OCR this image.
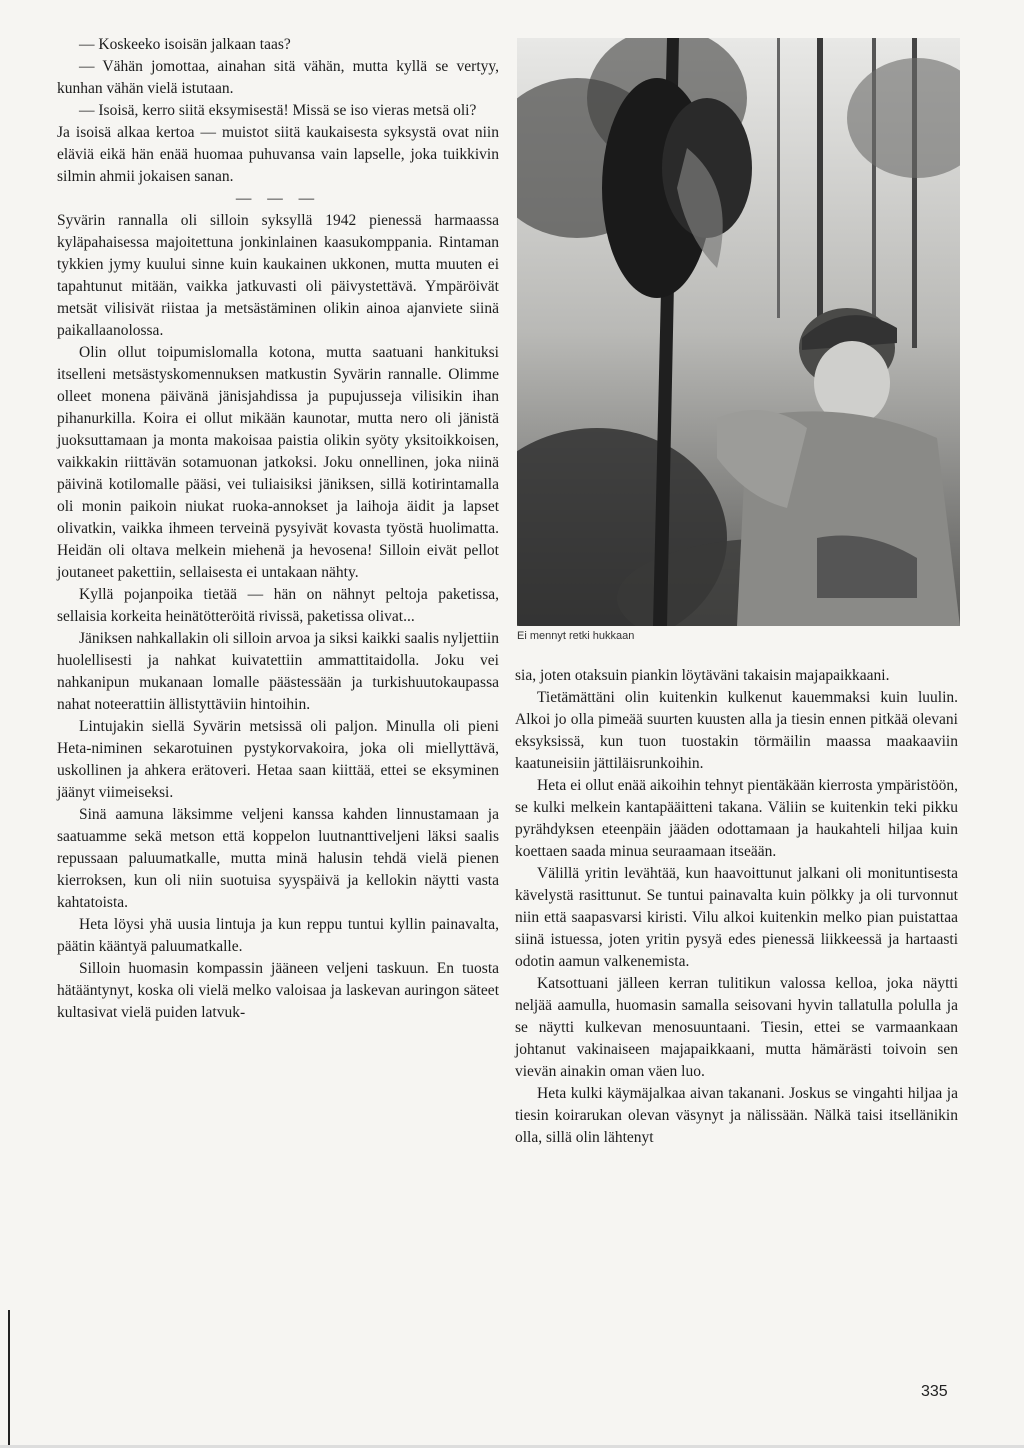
— Koskeeko isoisän jalkaan taas?

— Vähän jomottaa, ainahan sitä vähän, mutta kyllä se vertyy, kunhan vähän vielä istutaan.

— Isoisä, kerro siitä eksymisestä! Missä se iso vieras metsä oli?

Ja isoisä alkaa kertoa — muistot siitä kaukaisesta syksystä ovat niin eläviä eikä hän enää huomaa puhuvansa vain lapselle, joka tuikkivin silmin ahmii jokaisen sanan.

— — —

Syvärin rannalla oli silloin syksyllä 1942 pienessä harmaassa kyläpahaisessa majoitettuna jonkinlainen kaasukomppania. Rintaman tykkien jymy kuului sinne kuin kaukainen ukkonen, mutta muuten ei tapahtunut mitään, vaikka jatkuvasti oli päivystettävä. Ympäröivät metsät vilisivät riistaa ja metsästäminen olikin ainoa ajanviete siinä paikallaanolossa.

Olin ollut toipumislomalla kotona, mutta saatuani hankituksi itselleni metsästyskomennuksen matkustin Syvärin rannalle. Olimme olleet monena päivänä jänisjahdissa ja pupujusseja vilisikin ihan pihanurkilla. Koira ei ollut mikään kaunotar, mutta nero oli jänistä juoksuttamaan ja monta makoisaa paistia olikin syöty yksitoikkoisen, vaikkakin riittävän sotamuonan jatkoksi. Joku onnellinen, joka niinä päivinä kotilomalle pääsi, vei tuliaisiksi jäniksen, sillä kotirintamalla oli monin paikoin niukat ruoka-annokset ja laihoja äidit ja lapset olivatkin, vaikka ihmeen terveinä pysyivät kovasta työstä huolimatta. Heidän oli oltava melkein miehenä ja hevosena! Silloin eivät pellot joutaneet pakettiin, sellaisesta ei untakaan nähty.

Kyllä pojanpoika tietää — hän on nähnyt peltoja paketissa, sellaisia korkeita heinätötteröitä rivissä, paketissa olivat...

Jäniksen nahkallakin oli silloin arvoa ja siksi kaikki saalis nyljettiin huolellisesti ja nahkat kuivatettiin ammattitaidolla. Joku vei nahkanipun mukanaan lomalle päästessään ja turkishuutokaupassa nahat noteerattiin ällistyttäviin hintoihin.

Lintujakin siellä Syvärin metsissä oli paljon. Minulla oli pieni Heta-niminen sekarotuinen pystykorvakoira, joka oli miellyttävä, uskollinen ja ahkera erätoveri. Hetaa saan kiittää, ettei se eksyminen jäänyt viimeiseksi.

Sinä aamuna läksimme veljeni kanssa kahden linnustamaan ja saatuamme sekä metson että koppelon luutnanttiveljeni läksi saalis repussaan paluumatkalle, mutta minä halusin tehdä vielä pienen kierroksen, kun oli niin suotuisa syyspäivä ja kellokin näytti vasta kahtatoista.

Heta löysi yhä uusia lintuja ja kun reppu tuntui kyllin painavalta, päätin kääntyä paluumatkalle.

Silloin huomasin kompassin jääneen veljeni taskuun. En tuosta hätääntynyt, koska oli vielä melko valoisaa ja laskevan auringon säteet kultasivat vielä puiden latvuk-

Ei mennyt retki hukkaan

sia, joten otaksuin piankin löytäväni takaisin majapaikkaani.

Tietämättäni olin kuitenkin kulkenut kauemmaksi kuin luulin. Alkoi jo olla pimeää suurten kuusten alla ja tiesin ennen pitkää olevani eksyksissä, kun tuon tuostakin törmäilin maassa maakaaviin kaatuneisiin jättiläisrunkoihin.

Heta ei ollut enää aikoihin tehnyt pientäkään kierrosta ympäristöön, se kulki melkein kantapääitteni takana. Väliin se kuitenkin teki pikku pyrähdyksen eteenpäin jääden odottamaan ja haukahteli hiljaa kuin koettaen saada minua seuraamaan itseään.

Välillä yritin levähtää, kun haavoittunut jalkani oli monituntisesta kävelystä rasittunut. Se tuntui painavalta kuin pölkky ja oli turvonnut niin että saapasvarsi kiristi. Vilu alkoi kuitenkin melko pian puistattaa siinä istuessa, joten yritin pysyä edes pienessä liikkeessä ja hartaasti odotin aamun valkenemista.

Katsottuani jälleen kerran tulitikun valossa kelloa, joka näytti neljää aamulla, huomasin samalla seisovani hyvin tallatulla polulla ja se näytti kulkevan menosuuntaani. Tiesin, ettei se varmaankaan johtanut vakinaiseen majapaikkaani, mutta hämärästi toivoin sen vievän ainakin oman väen luo.

Heta kulki käymäjalkaa aivan takanani. Joskus se vingahti hiljaa ja tiesin koirarukan olevan väsynyt ja nälissään. Nälkä taisi itsellänikin olla, sillä olin lähtenyt

335
